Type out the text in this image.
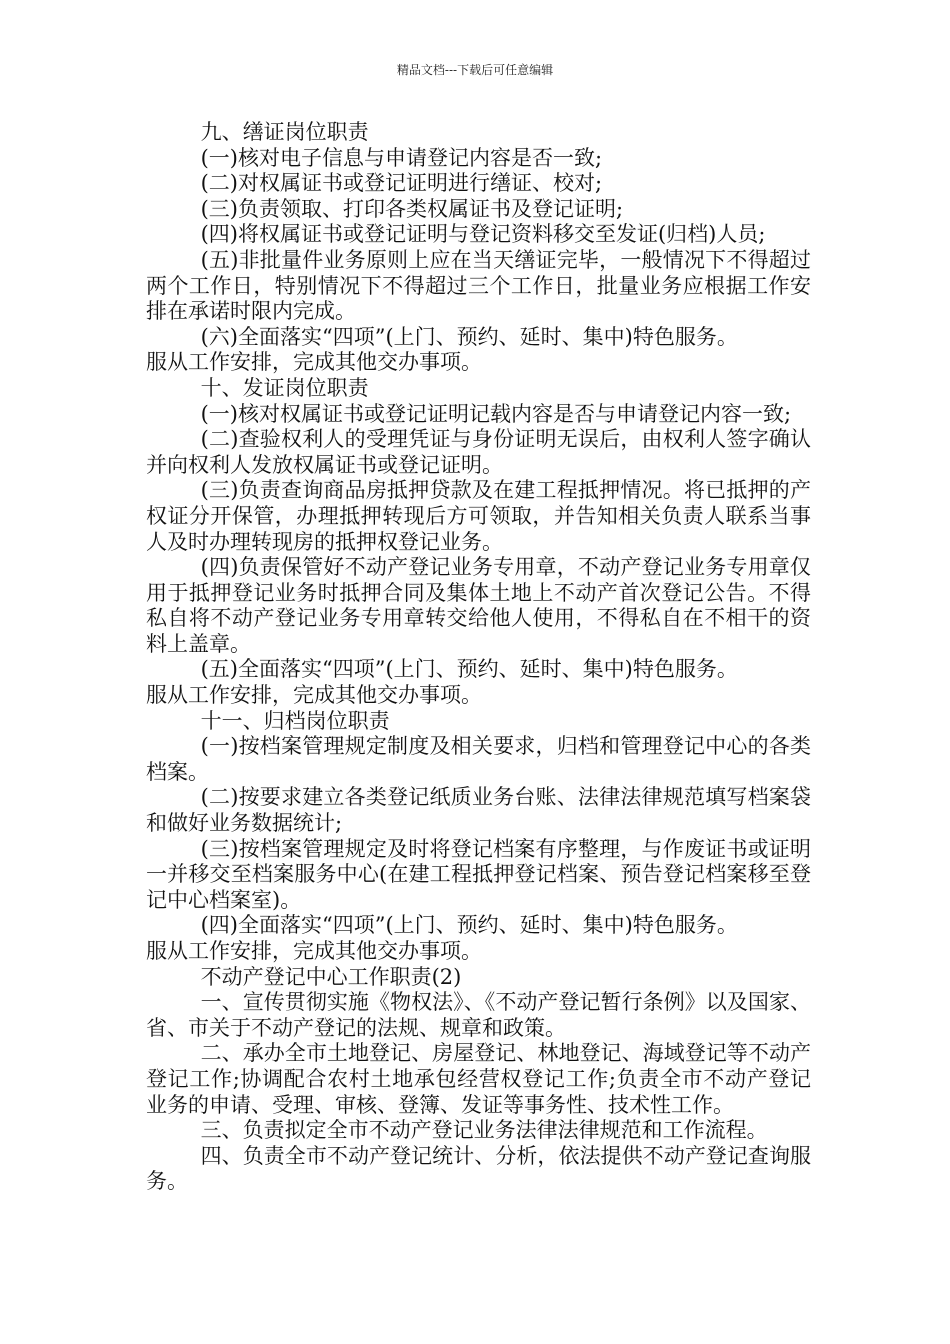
精品文档---下载后可任意编辑

九、缮证岗位职责

(一)核对电子信息与申请登记内容是否一致;

(二)对权属证书或登记证明进行缮证、校对;

(三)负责领取、打印各类权属证书及登记证明;

(四)将权属证书或登记证明与登记资料移交至发证(归档)人员;

(五)非批量件业务原则上应在当天缮证完毕，一般情况下不得超过两个工作日，特别情况下不得超过三个工作日，批量业务应根据工作安排在承诺时限内完成。

(六)全面落实“四项”(上门、预约、延时、集中)特色服务。

服从工作安排，完成其他交办事项。

十、发证岗位职责

(一)核对权属证书或登记证明记载内容是否与申请登记内容一致;

(二)查验权利人的受理凭证与身份证明无误后，由权利人签字确认并向权利人发放权属证书或登记证明。

(三)负责查询商品房抵押贷款及在建工程抵押情况。将已抵押的产权证分开保管，办理抵押转现后方可领取，并告知相关负责人联系当事人及时办理转现房的抵押权登记业务。

(四)负责保管好不动产登记业务专用章，不动产登记业务专用章仅用于抵押登记业务时抵押合同及集体土地上不动产首次登记公告。不得私自将不动产登记业务专用章转交给他人使用，不得私自在不相干的资料上盖章。

(五)全面落实“四项”(上门、预约、延时、集中)特色服务。

服从工作安排，完成其他交办事项。

十一、归档岗位职责

(一)按档案管理规定制度及相关要求，归档和管理登记中心的各类档案。

(二)按要求建立各类登记纸质业务台账、法律法律规范填写档案袋和做好业务数据统计;

(三)按档案管理规定及时将登记档案有序整理，与作废证书或证明一并移交至档案服务中心(在建工程抵押登记档案、预告登记档案移至登记中心档案室)。

(四)全面落实“四项”(上门、预约、延时、集中)特色服务。

服从工作安排，完成其他交办事项。

不动产登记中心工作职责(2)

一、宣传贯彻实施《物权法》、《不动产登记暂行条例》以及国家、省、市关于不动产登记的法规、规章和政策。

二、承办全市土地登记、房屋登记、林地登记、海域登记等不动产登记工作;协调配合农村土地承包经营权登记工作;负责全市不动产登记业务的申请、受理、审核、登簿、发证等事务性、技术性工作。

三、负责拟定全市不动产登记业务法律法律规范和工作流程。

四、负责全市不动产登记统计、分析，依法提供不动产登记查询服务。
